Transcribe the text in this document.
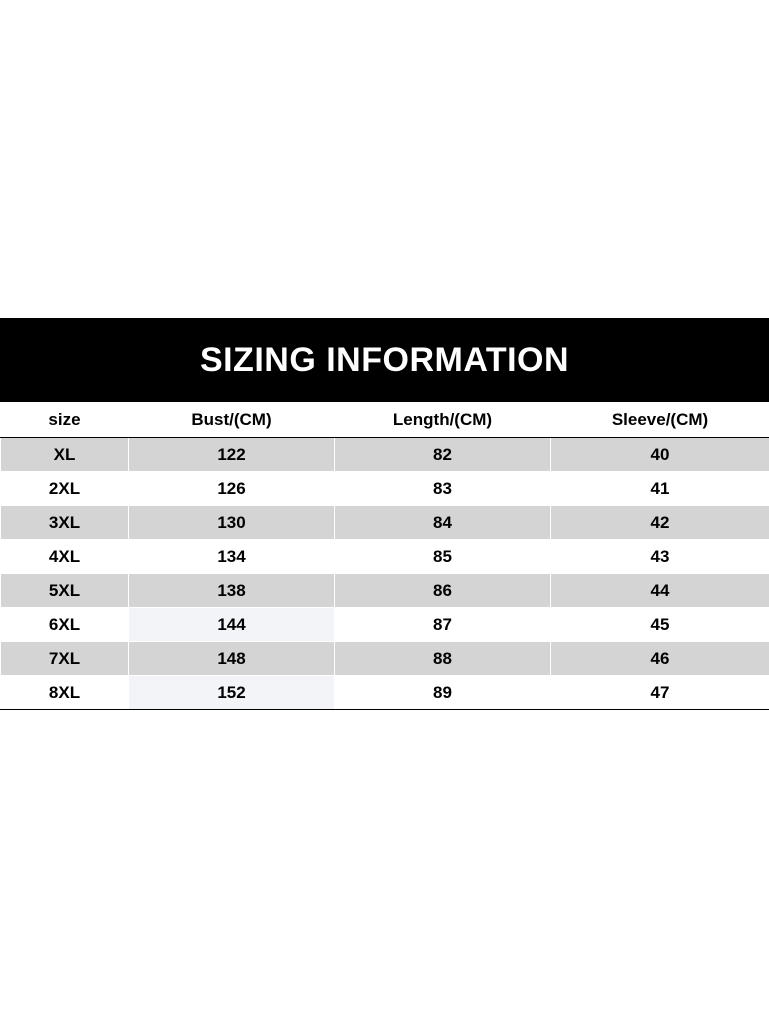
SIZING INFORMATION
size	Bust/(CM)	Length/(CM)	Sleeve/(CM)
XL	122	82	40
2XL	126	83	41
3XL	130	84	42
4XL	134	85	43
5XL	138	86	44
6XL	144	87	45
7XL	148	88	46
8XL	152	89	47
